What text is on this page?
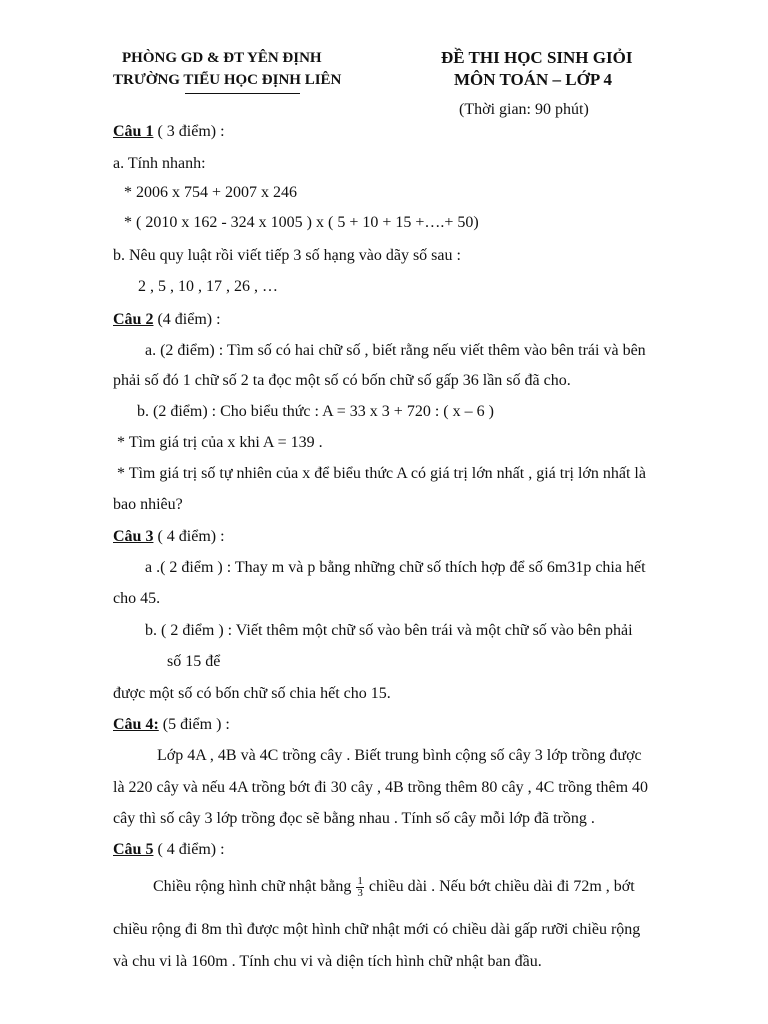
PHÒNG GD & ĐT YÊN ĐỊNH
TRƯỜNG TIỂU HỌC ĐỊNH LIÊN
ĐỀ THI HỌC SINH GIỎI
MÔN TOÁN – LỚP 4
(Thời gian: 90 phút)
Câu 1 ( 3 điểm) :
a. Tính nhanh:
* 2006 x 754 + 2007 x 246
* ( 2010 x 162 - 324 x 1005 ) x ( 5 + 10 + 15 +….+ 50)
b. Nêu quy luật rồi viết tiếp 3 số hạng vào dãy số sau :
2 , 5 , 10 , 17 , 26 , …
Câu 2 (4 điểm) :
a. (2 điểm) : Tìm số có hai chữ số , biết rằng nếu viết thêm vào bên trái và bên
phải số đó 1 chữ số 2 ta đọc một số có bốn chữ số gấp 36 lần số đã cho.
b. (2 điểm) : Cho biểu thức : A = 33 x 3 + 720 : ( x – 6 )
* Tìm giá trị của x khi A = 139 .
* Tìm giá trị số tự nhiên của x để biểu thức A có giá trị lớn nhất , giá trị lớn nhất là
bao nhiêu?
Câu 3 ( 4 điểm) :
a .( 2 điểm ) : Thay m và p bằng những chữ số thích hợp để số 6m31p chia hết
cho 45.
b. ( 2 điểm ) : Viết thêm một chữ số vào bên trái và một chữ số vào bên phải
số 15 để
được một số có bốn chữ số chia hết cho 15.
Câu 4: (5 điểm ) :
Lớp 4A , 4B và 4C trồng cây . Biết trung bình cộng số cây 3 lớp trồng được
là 220 cây và nếu 4A trồng bớt đi 30 cây , 4B trồng thêm 80 cây , 4C trồng thêm 40
cây thì số cây 3 lớp trồng đọc sẽ bằng nhau . Tính số cây mỗi lớp đã trồng .
Câu 5 ( 4 điểm) :
Chiều rộng hình chữ nhật bằng $\frac{1}{3}$ chiều dài . Nếu bớt chiều dài đi 72m , bớt
chiều rộng đi 8m thì được một hình chữ nhật mới có chiều dài gấp rưỡi chiều rộng
và chu vi là 160m . Tính chu vi và diện tích hình chữ nhật ban đầu.
